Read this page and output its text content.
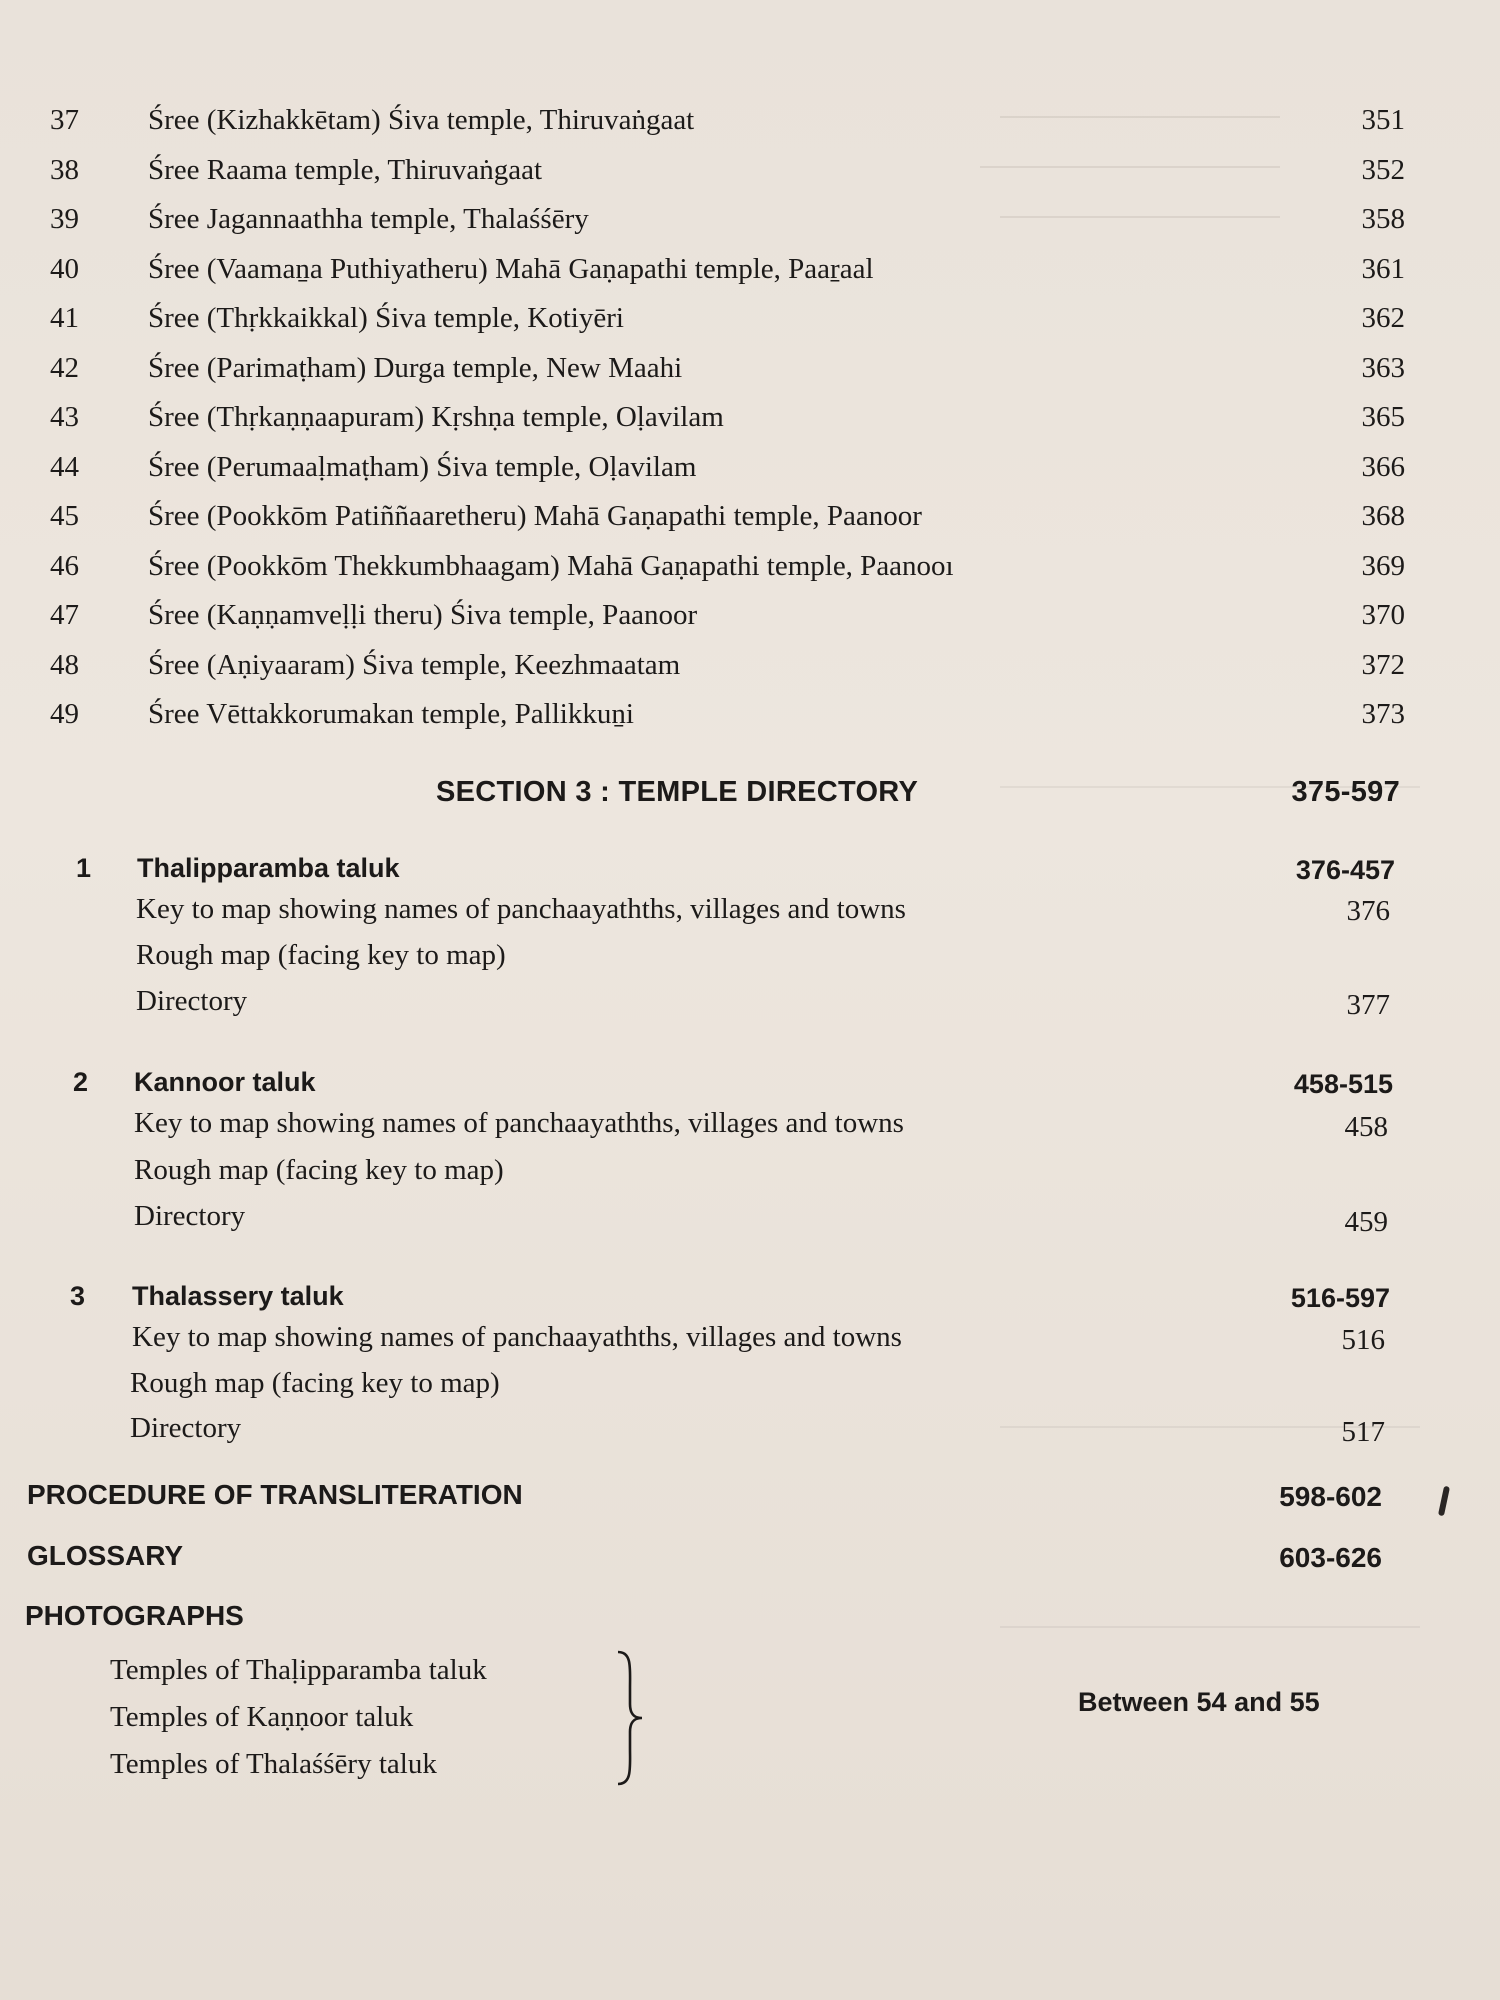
37 Śree (Kizhakkētam) Śiva temple, Thiruvaṅgaat	351
38 Śree Raama temple, Thiruvaṅgaat	352
39 Śree Jagannaathha temple, Thalaśśēry	358
40 Śree (Vaamaṉa Puthiyatheru) Mahā Gaṇapathi temple, Paaṟaal	361
41 Śree (Thṛkkaikkal) Śiva temple, Kotiyēri	362
42 Śree (Parimaṭham) Durga temple, New Maahi	363
43 Śree (Thṛkaṇṇaapuram) Kṛshṇa temple, Oḷavilam	365
44 Śree (Perumaaḷmaṭham) Śiva temple, Oḷavilam	366
45 Śree (Pookkōm Patiññaaretheru) Mahā Gaṇapathi temple, Paanoor	368
46 Śree (Pookkōm Thekkumbhaagam) Mahā Gaṇapathi temple, Paanooı	369
47 Śree (Kaṇṇamveḷḷi theru) Śiva temple, Paanoor	370
48 Śree (Aṇiyaaram) Śiva temple, Keezhmaatam	372
49 Śree Vēttakkorumakan temple, Pallikkuṉi	373
SECTION 3 : TEMPLE DIRECTORY	375-597
1 Thalipparamba taluk	376-457
Key to map showing names of panchaayathths, villages and towns	376
Rough map (facing key to map)
Directory	377
2 Kannoor taluk	458-515
Key to map showing names of panchaayathths, villages and towns	458
Rough map (facing key to map)
Directory	459
3 Thalassery taluk	516-597
Key to map showing names of panchaayathths, villages and towns	516
Rough map (facing key to map)
Directory	517
PROCEDURE OF TRANSLITERATION	598-602
GLOSSARY	603-626
PHOTOGRAPHS
Temples of Thaḷipparamba taluk
Temples of Kaṇṇoor taluk
Temples of Thalaśśēry taluk
Between 54 and 55
